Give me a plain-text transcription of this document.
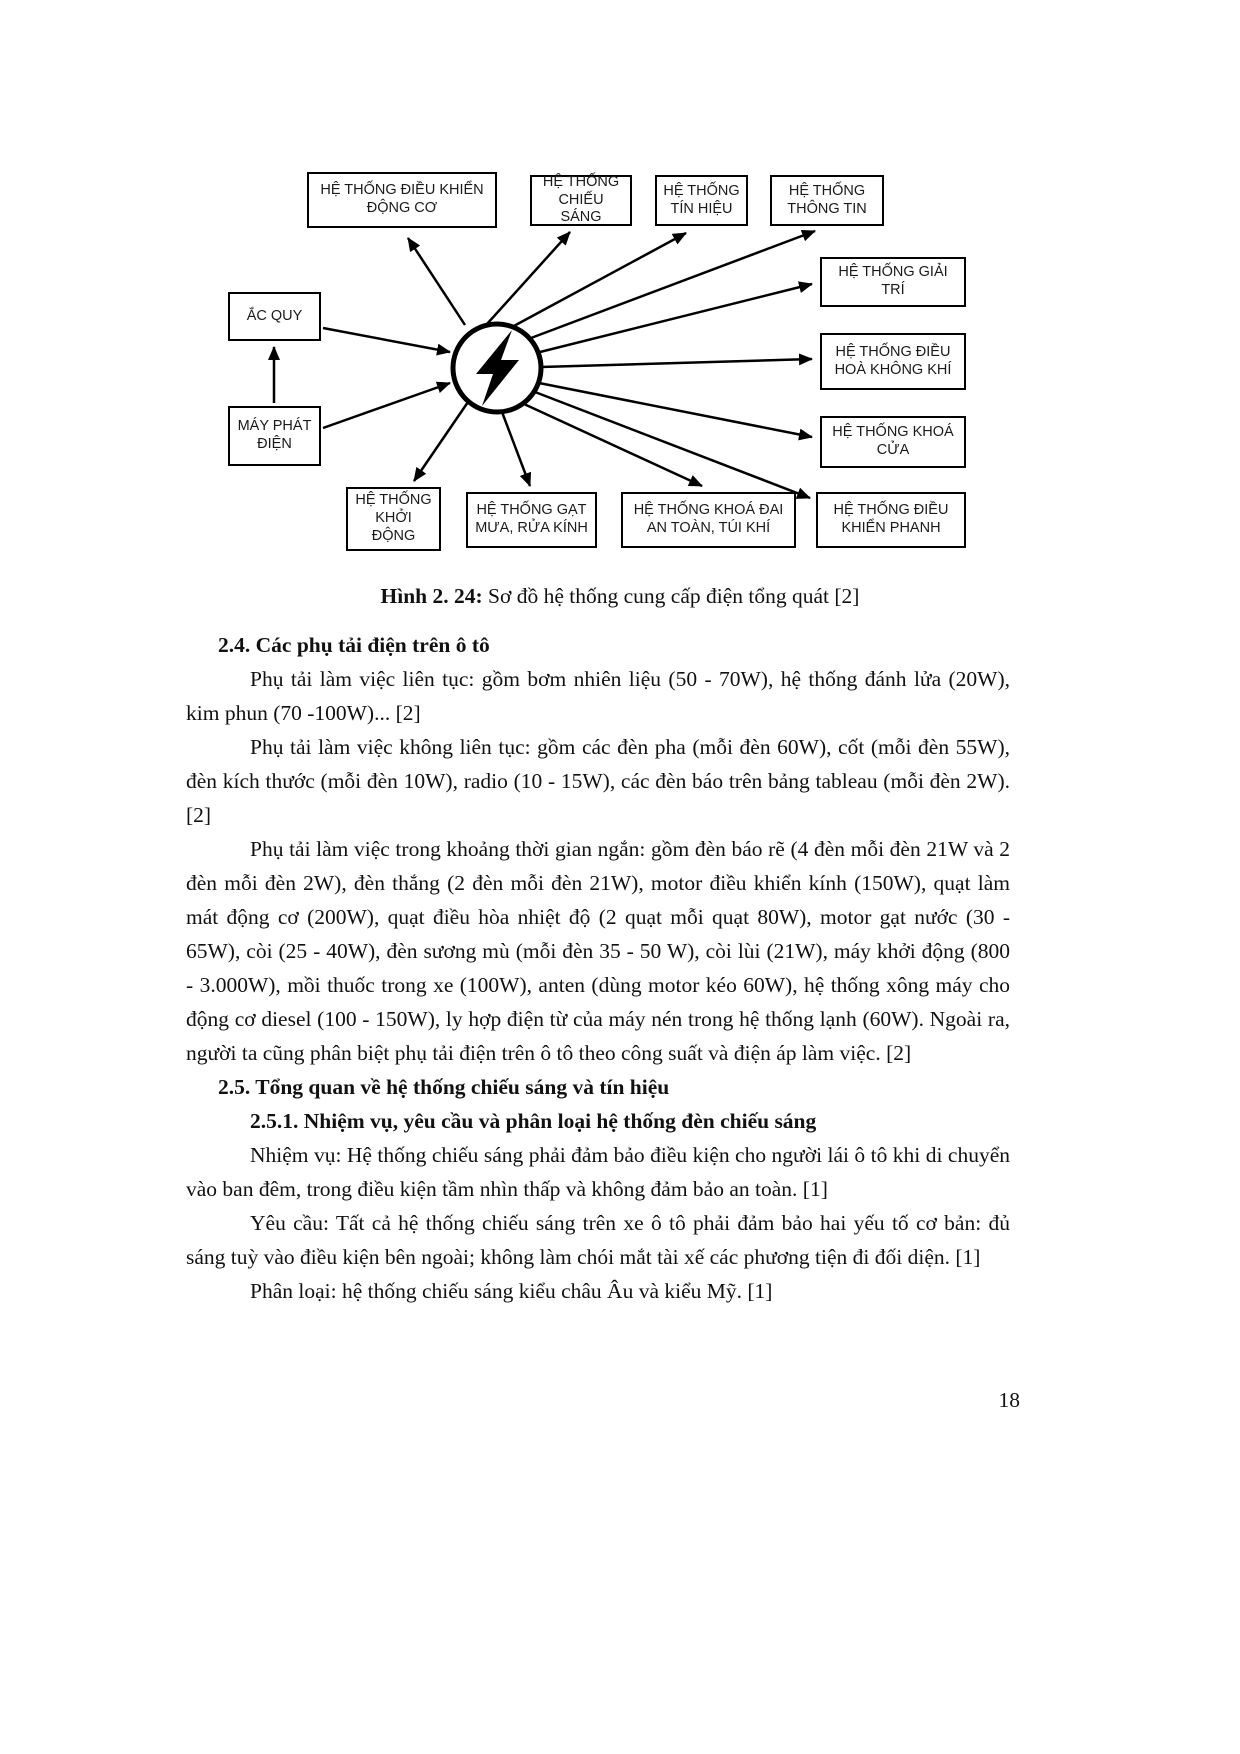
HỆ THỐNG ĐIỀU KHIỂN ĐỘNG CƠ
HỆ THỐNG CHIẾU SÁNG
HỆ THỐNG TÍN HIỆU
HỆ THỐNG THÔNG TIN
HỆ THỐNG GIẢI TRÍ
HỆ THỐNG ĐIỀU HOÀ KHÔNG KHÍ
HỆ THỐNG KHOÁ CỬA
HỆ THỐNG ĐIỀU KHIỂN PHANH
HỆ THỐNG KHOÁ ĐAI AN TOÀN, TÚI KHÍ
HỆ THỐNG GẠT MƯA, RỬA KÍNH
HỆ THỐNG KHỞI ĐỘNG
ẮC QUY
MÁY PHÁT ĐIỆN
Hình 2. 24: Sơ đồ hệ thống cung cấp điện tổng quát [2]

2.4. Các phụ tải điện trên ô tô

Phụ tải làm việc liên tục: gồm bơm nhiên liệu (50 - 70W), hệ thống đánh lửa (20W), kim phun (70 -100W)... [2]

Phụ tải làm việc không liên tục: gồm các đèn pha (mỗi đèn 60W), cốt (mỗi đèn 55W), đèn kích thước (mỗi đèn 10W), radio (10 - 15W), các đèn báo trên bảng tableau (mỗi đèn 2W). [2]

Phụ tải làm việc trong khoảng thời gian ngắn: gồm đèn báo rẽ (4 đèn mỗi đèn 21W và 2 đèn mỗi đèn 2W), đèn thắng (2 đèn mỗi đèn 21W), motor điều khiển kính (150W), quạt làm mát động cơ (200W), quạt điều hòa nhiệt độ (2 quạt mỗi quạt 80W), motor gạt nước (30 - 65W), còi (25 - 40W), đèn sương mù (mỗi đèn 35 - 50 W), còi lùi (21W), máy khởi động (800 - 3.000W), mồi thuốc trong xe (100W), anten (dùng motor kéo 60W), hệ thống xông máy cho động cơ diesel (100 - 150W), ly hợp điện từ của máy nén trong hệ thống lạnh (60W). Ngoài ra, người ta cũng phân biệt phụ tải điện trên ô tô theo công suất và điện áp làm việc. [2]

2.5. Tổng quan về hệ thống chiếu sáng và tín hiệu

2.5.1. Nhiệm vụ, yêu cầu và phân loại hệ thống đèn chiếu sáng

Nhiệm vụ: Hệ thống chiếu sáng phải đảm bảo điều kiện cho người lái ô tô khi di chuyển vào ban đêm, trong điều kiện tầm nhìn thấp và không đảm bảo an toàn. [1]

Yêu cầu: Tất cả hệ thống chiếu sáng trên xe ô tô phải đảm bảo hai yếu tố cơ bản: đủ sáng tuỳ vào điều kiện bên ngoài; không làm chói mắt tài xế các phương tiện đi đối diện. [1]

Phân loại: hệ thống chiếu sáng kiểu châu Âu và kiểu Mỹ. [1]

18
